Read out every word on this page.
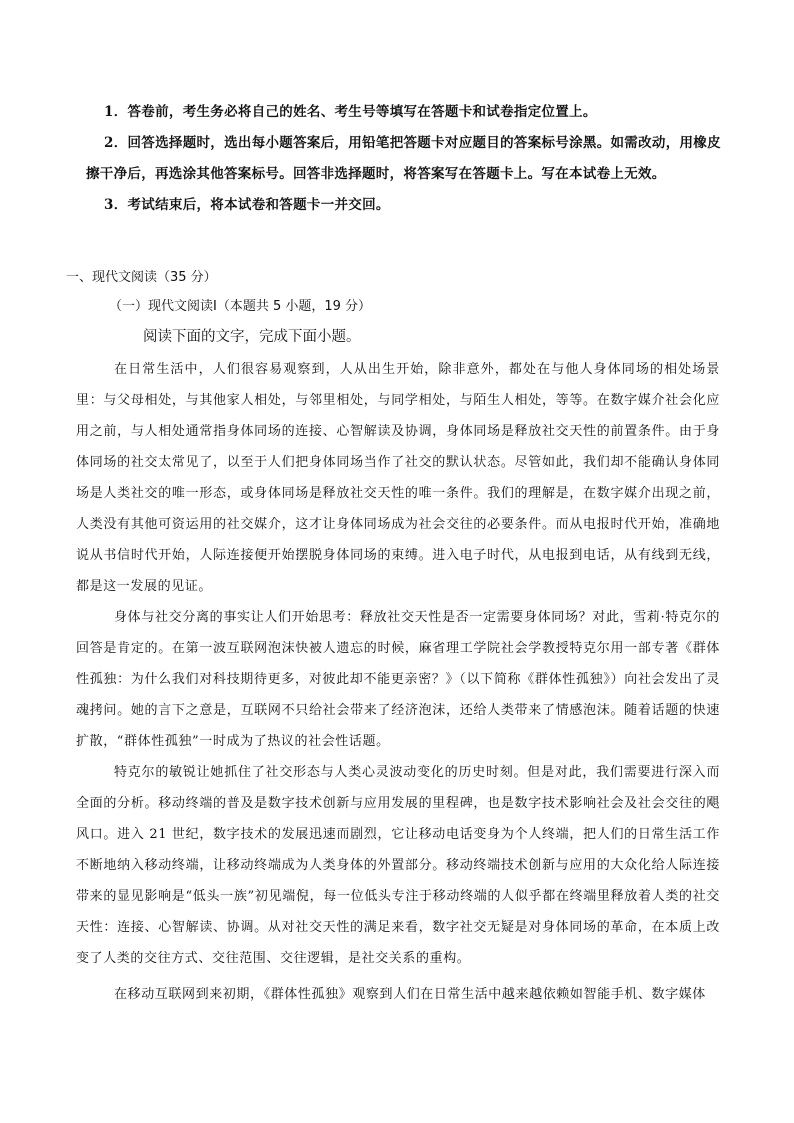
1．答卷前，考生务必将自己的姓名、考生号等填写在答题卡和试卷指定位置上。
2．回答选择题时，选出每小题答案后，用铅笔把答题卡对应题目的答案标号涂黑。如需改动，用橡皮擦干净后，再选涂其他答案标号。回答非选择题时，将答案写在答题卡上。写在本试卷上无效。
3．考试结束后，将本试卷和答题卡一并交回。
一、现代文阅读（35 分）
（一）现代文阅读Ⅰ（本题共 5 小题，19 分）
阅读下面的文字，完成下面小题。
在日常生活中，人们很容易观察到，人从出生开始，除非意外，都处在与他人身体同场的相处场景里：与父母相处，与其他家人相处，与邻里相处，与同学相处，与陌生人相处，等等。在数字媒介社会化应用之前，与人相处通常指身体同场的连接、心智解读及协调，身体同场是释放社交天性的前置条件。由于身体同场的社交太常见了，以至于人们把身体同场当作了社交的默认状态。尽管如此，我们却不能确认身体同场是人类社交的唯一形态，或身体同场是释放社交天性的唯一条件。我们的理解是，在数字媒介出现之前，人类没有其他可资运用的社交媒介，这才让身体同场成为社会交往的必要条件。而从电报时代开始，准确地说从书信时代开始，人际连接便开始摆脱身体同场的束缚。进入电子时代，从电报到电话，从有线到无线，都是这一发展的见证。
身体与社交分离的事实让人们开始思考：释放社交天性是否一定需要身体同场？对此，雪莉·特克尔的回答是肯定的。在第一波互联网泡沫快被人遗忘的时候，麻省理工学院社会学教授特克尔用一部专著《群体性孤独：为什么我们对科技期待更多，对彼此却不能更亲密？》（以下简称《群体性孤独》）向社会发出了灵魂拷问。她的言下之意是，互联网不只给社会带来了经济泡沫，还给人类带来了情感泡沫。随着话题的快速扩散，“群体性孤独”一时成为了热议的社会性话题。
特克尔的敏锐让她抓住了社交形态与人类心灵波动变化的历史时刻。但是对此，我们需要进行深入而全面的分析。移动终端的普及是数字技术创新与应用发展的里程碑，也是数字技术影响社会及社会交往的飓风口。进入 21 世纪，数字技术的发展迅速而剧烈，它让移动电话变身为个人终端，把人们的日常生活工作不断地纳入移动终端，让移动终端成为人类身体的外置部分。移动终端技术创新与应用的大众化给人际连接带来的显见影响是“低头一族”初见端倪，每一位低头专注于移动终端的人似乎都在终端里释放着人类的社交天性：连接、心智解读、协调。从对社交天性的满足来看，数字社交无疑是对身体同场的革命，在本质上改变了人类的交往方式、交往范围、交往逻辑，是社交关系的重构。
在移动互联网到来初期，《群体性孤独》观察到人们在日常生活中越来越依赖如智能手机、数字媒体
